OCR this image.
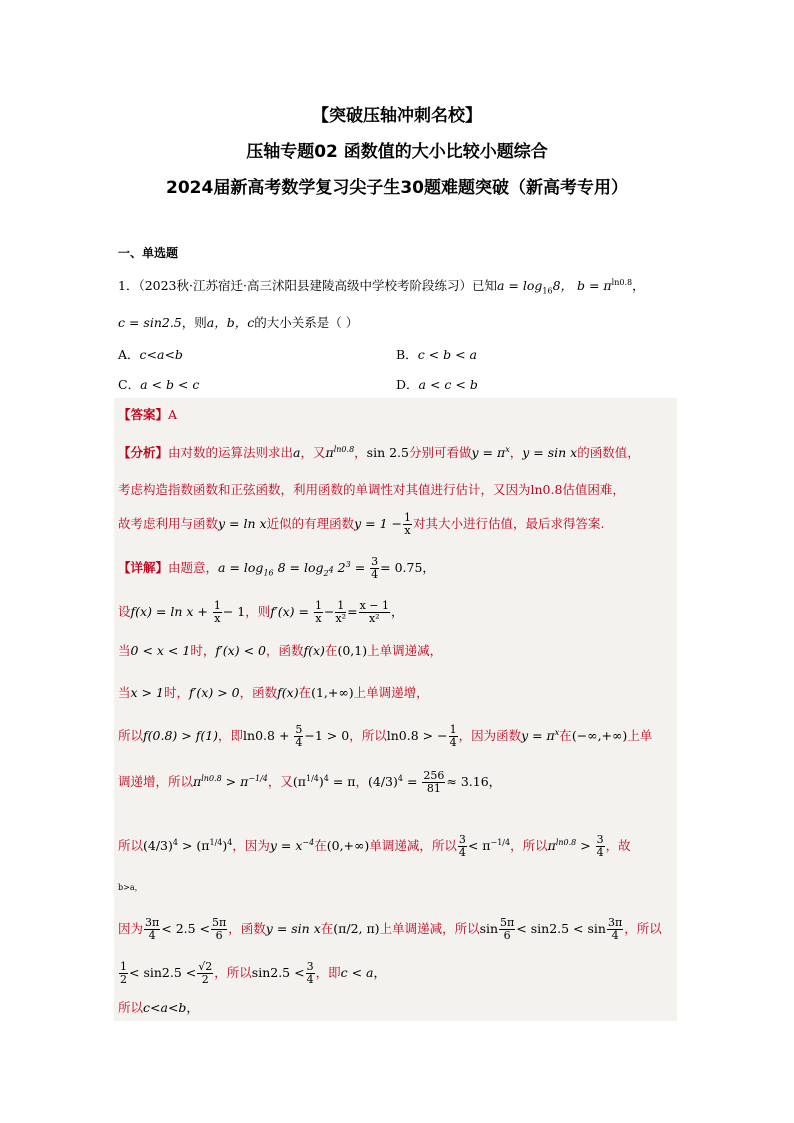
【突破压轴冲刺名校】
压轴专题02 函数值的大小比较小题综合
2024届新高考数学复习尖子生30题难题突破（新高考专用）
一、单选题
1．（2023秋·江苏宿迁·高三沭阳县建陵高级中学校考阶段练习）已知$a = \log_{16}8$， $b = \pi^{ln0.8}$，
c = sin2.5，则a，b，c的大小关系是（ ）
A．c<a<b	B．c < b < a
C．a < b < c	D．a < c < b
【答案】A
【分析】由对数的运算法则求出a，又$\pi^{ln0.8}$，sin 2.5分别可看做$y = \pi^x$，y = sin x的函数值，
考虑构造指数函数和正弦函数，利用函数的单调性对其值进行估计，又因为ln0.8估值困难，
故考虑利用与函数y = ln x近似的有理函数$y = 1 - \frac{1}{x}$ 对其大小进行估值，最后求得答案.
【详解】由题意，$a = \log_{16} 8 = \log_{2^4} 2^3 = \frac{3}{4} = 0.75$，
设$f(x) = \ln x + \frac{1}{x} - 1$，则$f'(x) = \frac{1}{x} - \frac{1}{\text{x²}} = \frac{x - 1}{\text{x²}}$ ，
当0 < x < 1时，f′(x) < 0，函数f(x)在(0,1)上单调递减，
当x > 1时，f′(x) > 0，函数f(x)在(1,+∞)上单调递增，
所以f(0.8) > f(1)，即$\ln 0.8 + \frac{5}{4} -1 > 0$，所以ln0.8 > − $\frac{1}{4}$ ，因为函数$y = \pi^x$在(−∞,+∞)上单
调递增，所以$\pi^{ln0.8} > \pi^{-1/4}$，又$(\pi^{1/4})^4 = \pi$，$(4/3)^4 = \frac{256}{81} \approx 3.16$，
所以$(4/3)^4 > (\pi^{1/4})^4$，因为$y = x^{-4}$在(0,+∞)单调递减，所以 $\frac{3}{4} < \pi^{-1/4}$，所以$\pi^{ln0.8} > \frac{3}{4}$ ，故
b>a，
因为 $\frac{3\pi}{4} < 2.5 < \frac{5\pi}{6}$ ，函数y = sin x在(π/2, π)上单调递减，所以$\sin \frac{5\pi}{6} < \sin 2.5 < \sin \frac{3\pi}{4}$ ，所以
$\frac{1}{2} < \sin 2.5 < \frac{√2}{2}$ ，所以$\sin 2.5 < \frac{3}{4}$ ，即c < a，
所以c<a<b，
